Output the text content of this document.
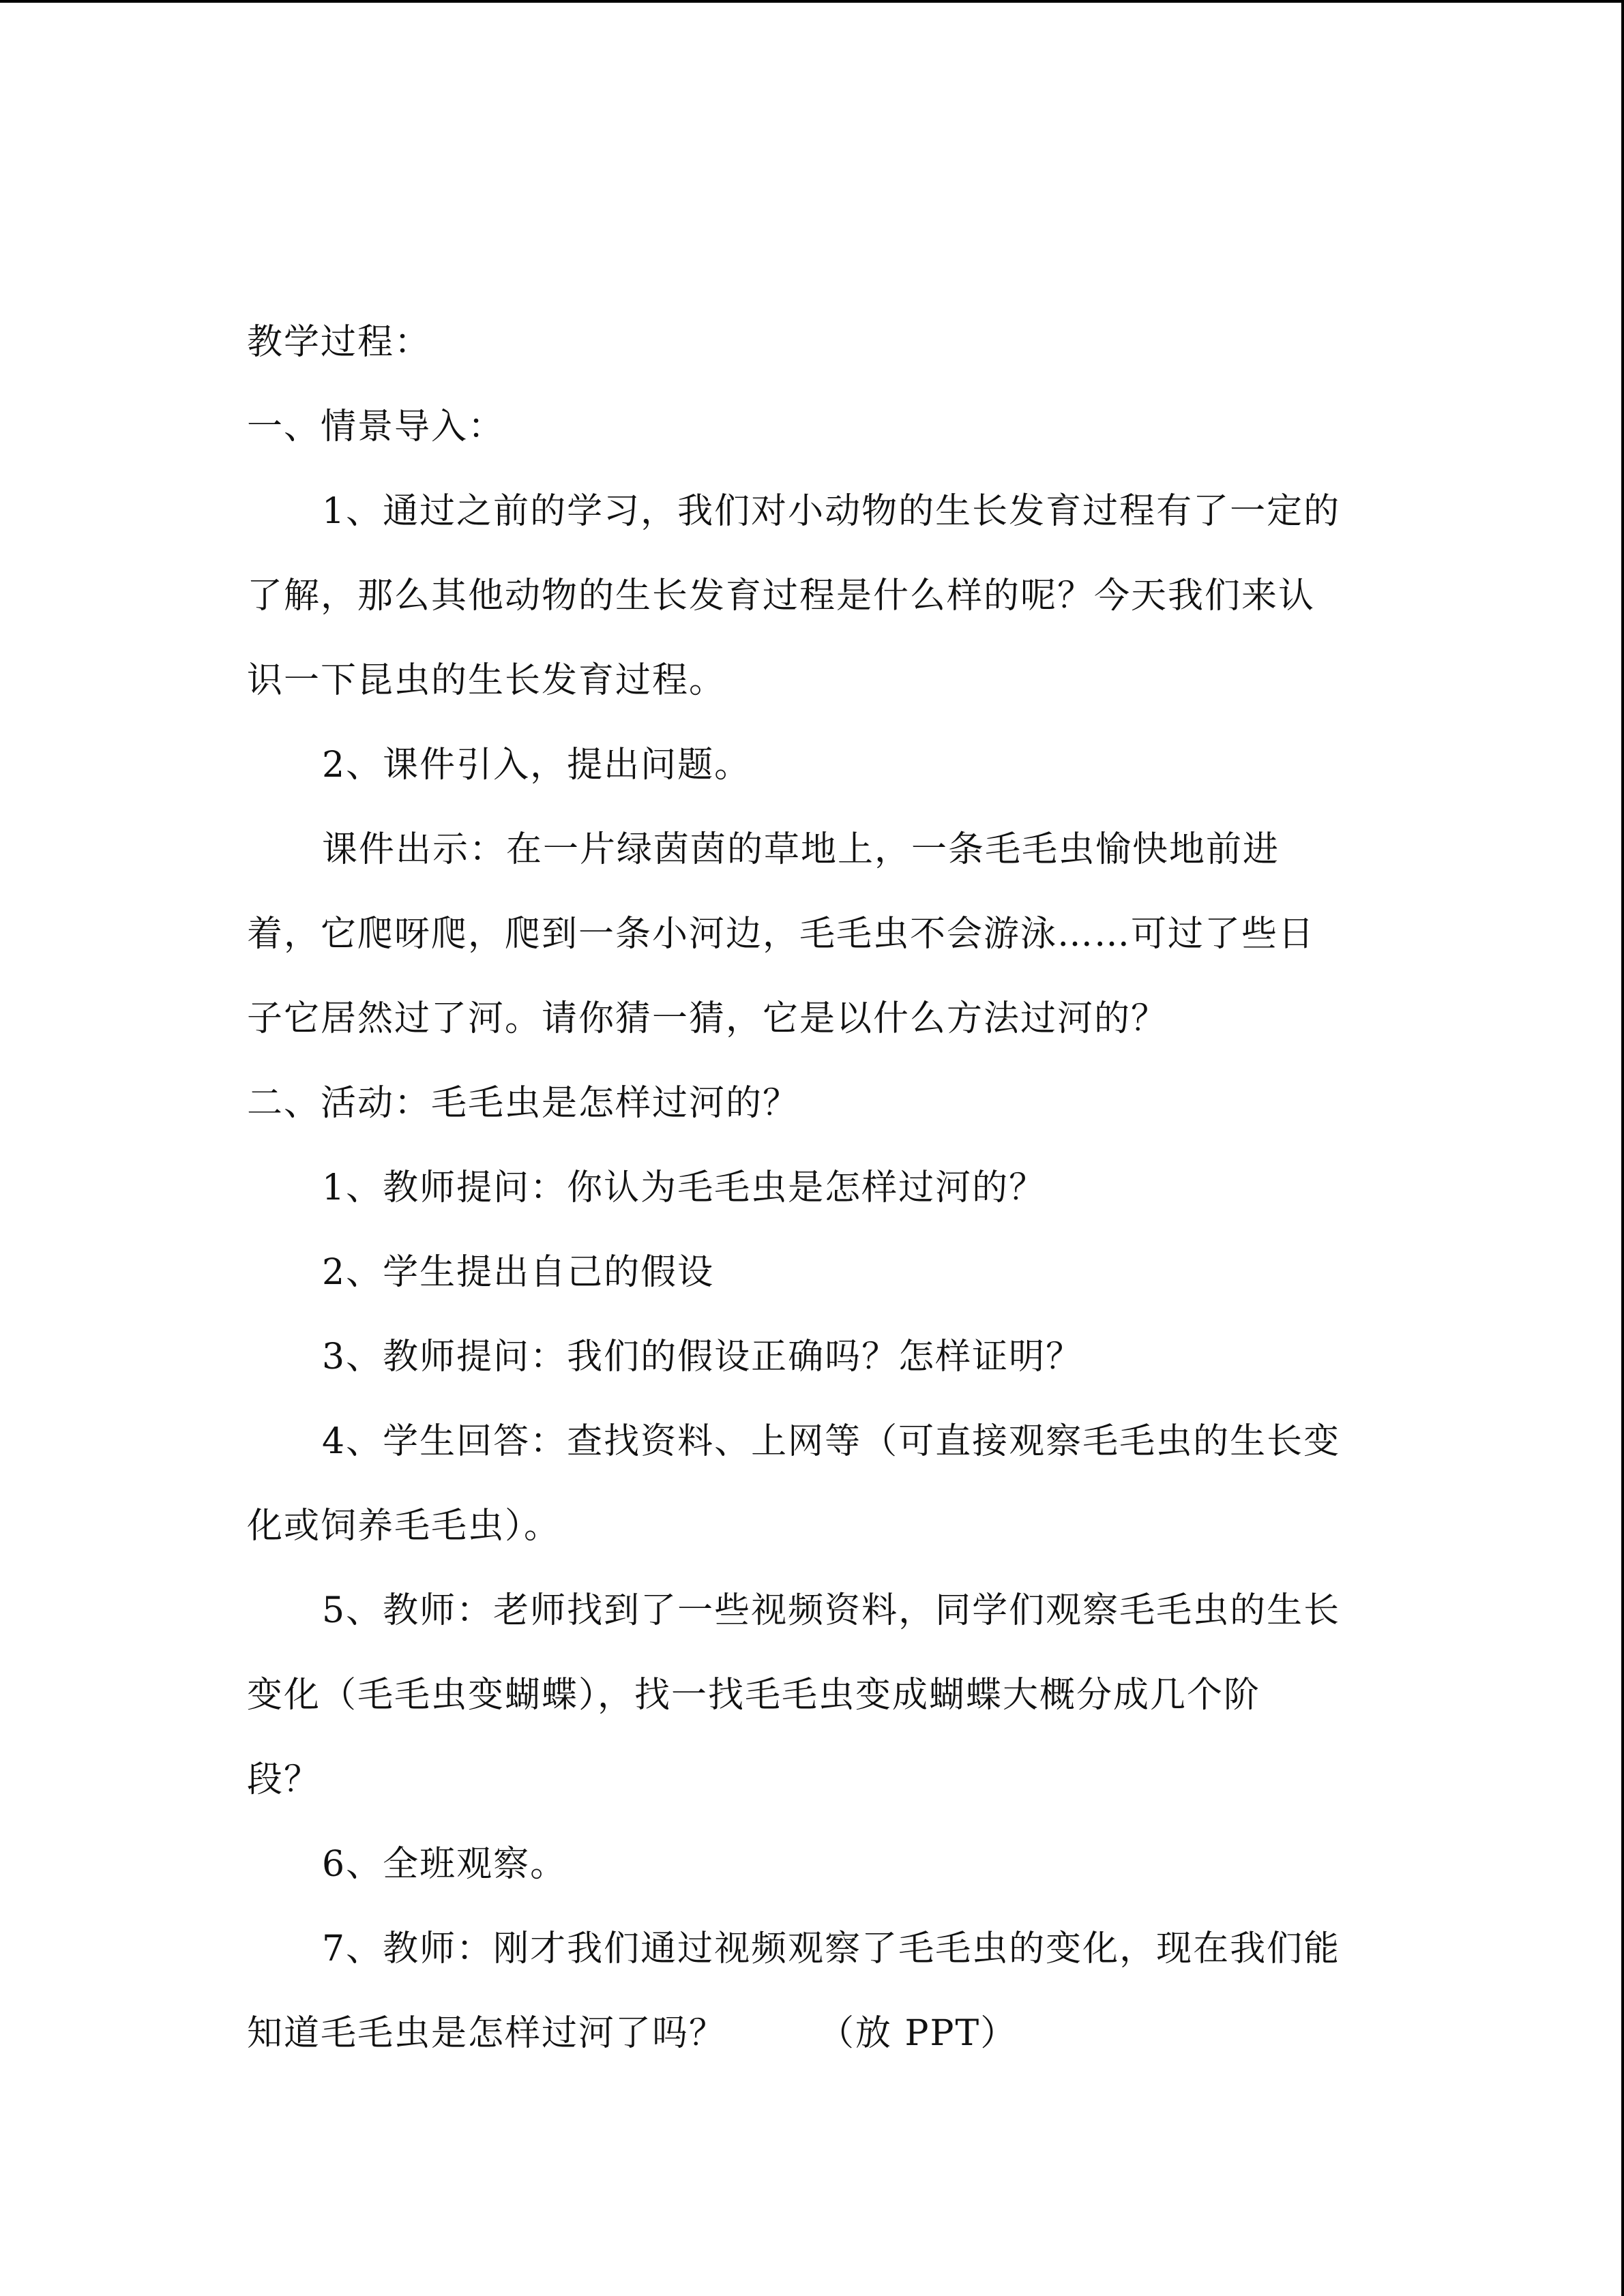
教学过程：
一、情景导入：
1、通过之前的学习，我们对小动物的生长发育过程有了一定的
了解，那么其他动物的生长发育过程是什么样的呢？今天我们来认
识一下昆虫的生长发育过程。
2、课件引入，提出问题。
课件出示：在一片绿茵茵的草地上，一条毛毛虫愉快地前进
着，它爬呀爬，爬到一条小河边，毛毛虫不会游泳……可过了些日
子它居然过了河。请你猜一猜，它是以什么方法过河的？
二、活动：毛毛虫是怎样过河的？
1、教师提问：你认为毛毛虫是怎样过河的？
2、学生提出自己的假设
3、教师提问：我们的假设正确吗？怎样证明？
4、学生回答：查找资料、上网等（可直接观察毛毛虫的生长变
化或饲养毛毛虫）。
5、教师：老师找到了一些视频资料，同学们观察毛毛虫的生长
变化（毛毛虫变蝴蝶），找一找毛毛虫变成蝴蝶大概分成几个阶
段？
6、全班观察。
7、教师：刚才我们通过视频观察了毛毛虫的变化，现在我们能
知道毛毛虫是怎样过河了吗？　　　（放 PPT）
